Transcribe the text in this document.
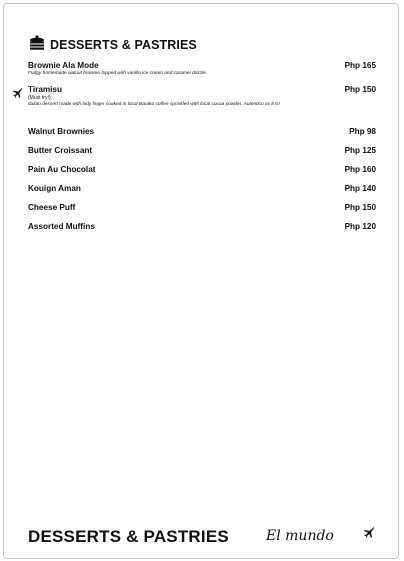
DESSERTS & PASTRIES
Brownie Ala Mode	Php 165
Fudgy homemade walnut brownie topped with vanilla ice cream and caramel drizzle.
Tiramisu	Php 150
(Must try!)
Italian dessert made with lady finger soaked in local Barako coffee sprinkled with local cocoa powder. Autentico as it is!
Walnut Brownies	Php 98
Butter Croissant	Php 125
Pain Au Chocolat	Php 160
Kouign Aman	Php 140
Cheese Puff	Php 150
Assorted Muffins	Php 120
DESSERTS & PASTRIES	El mundo
